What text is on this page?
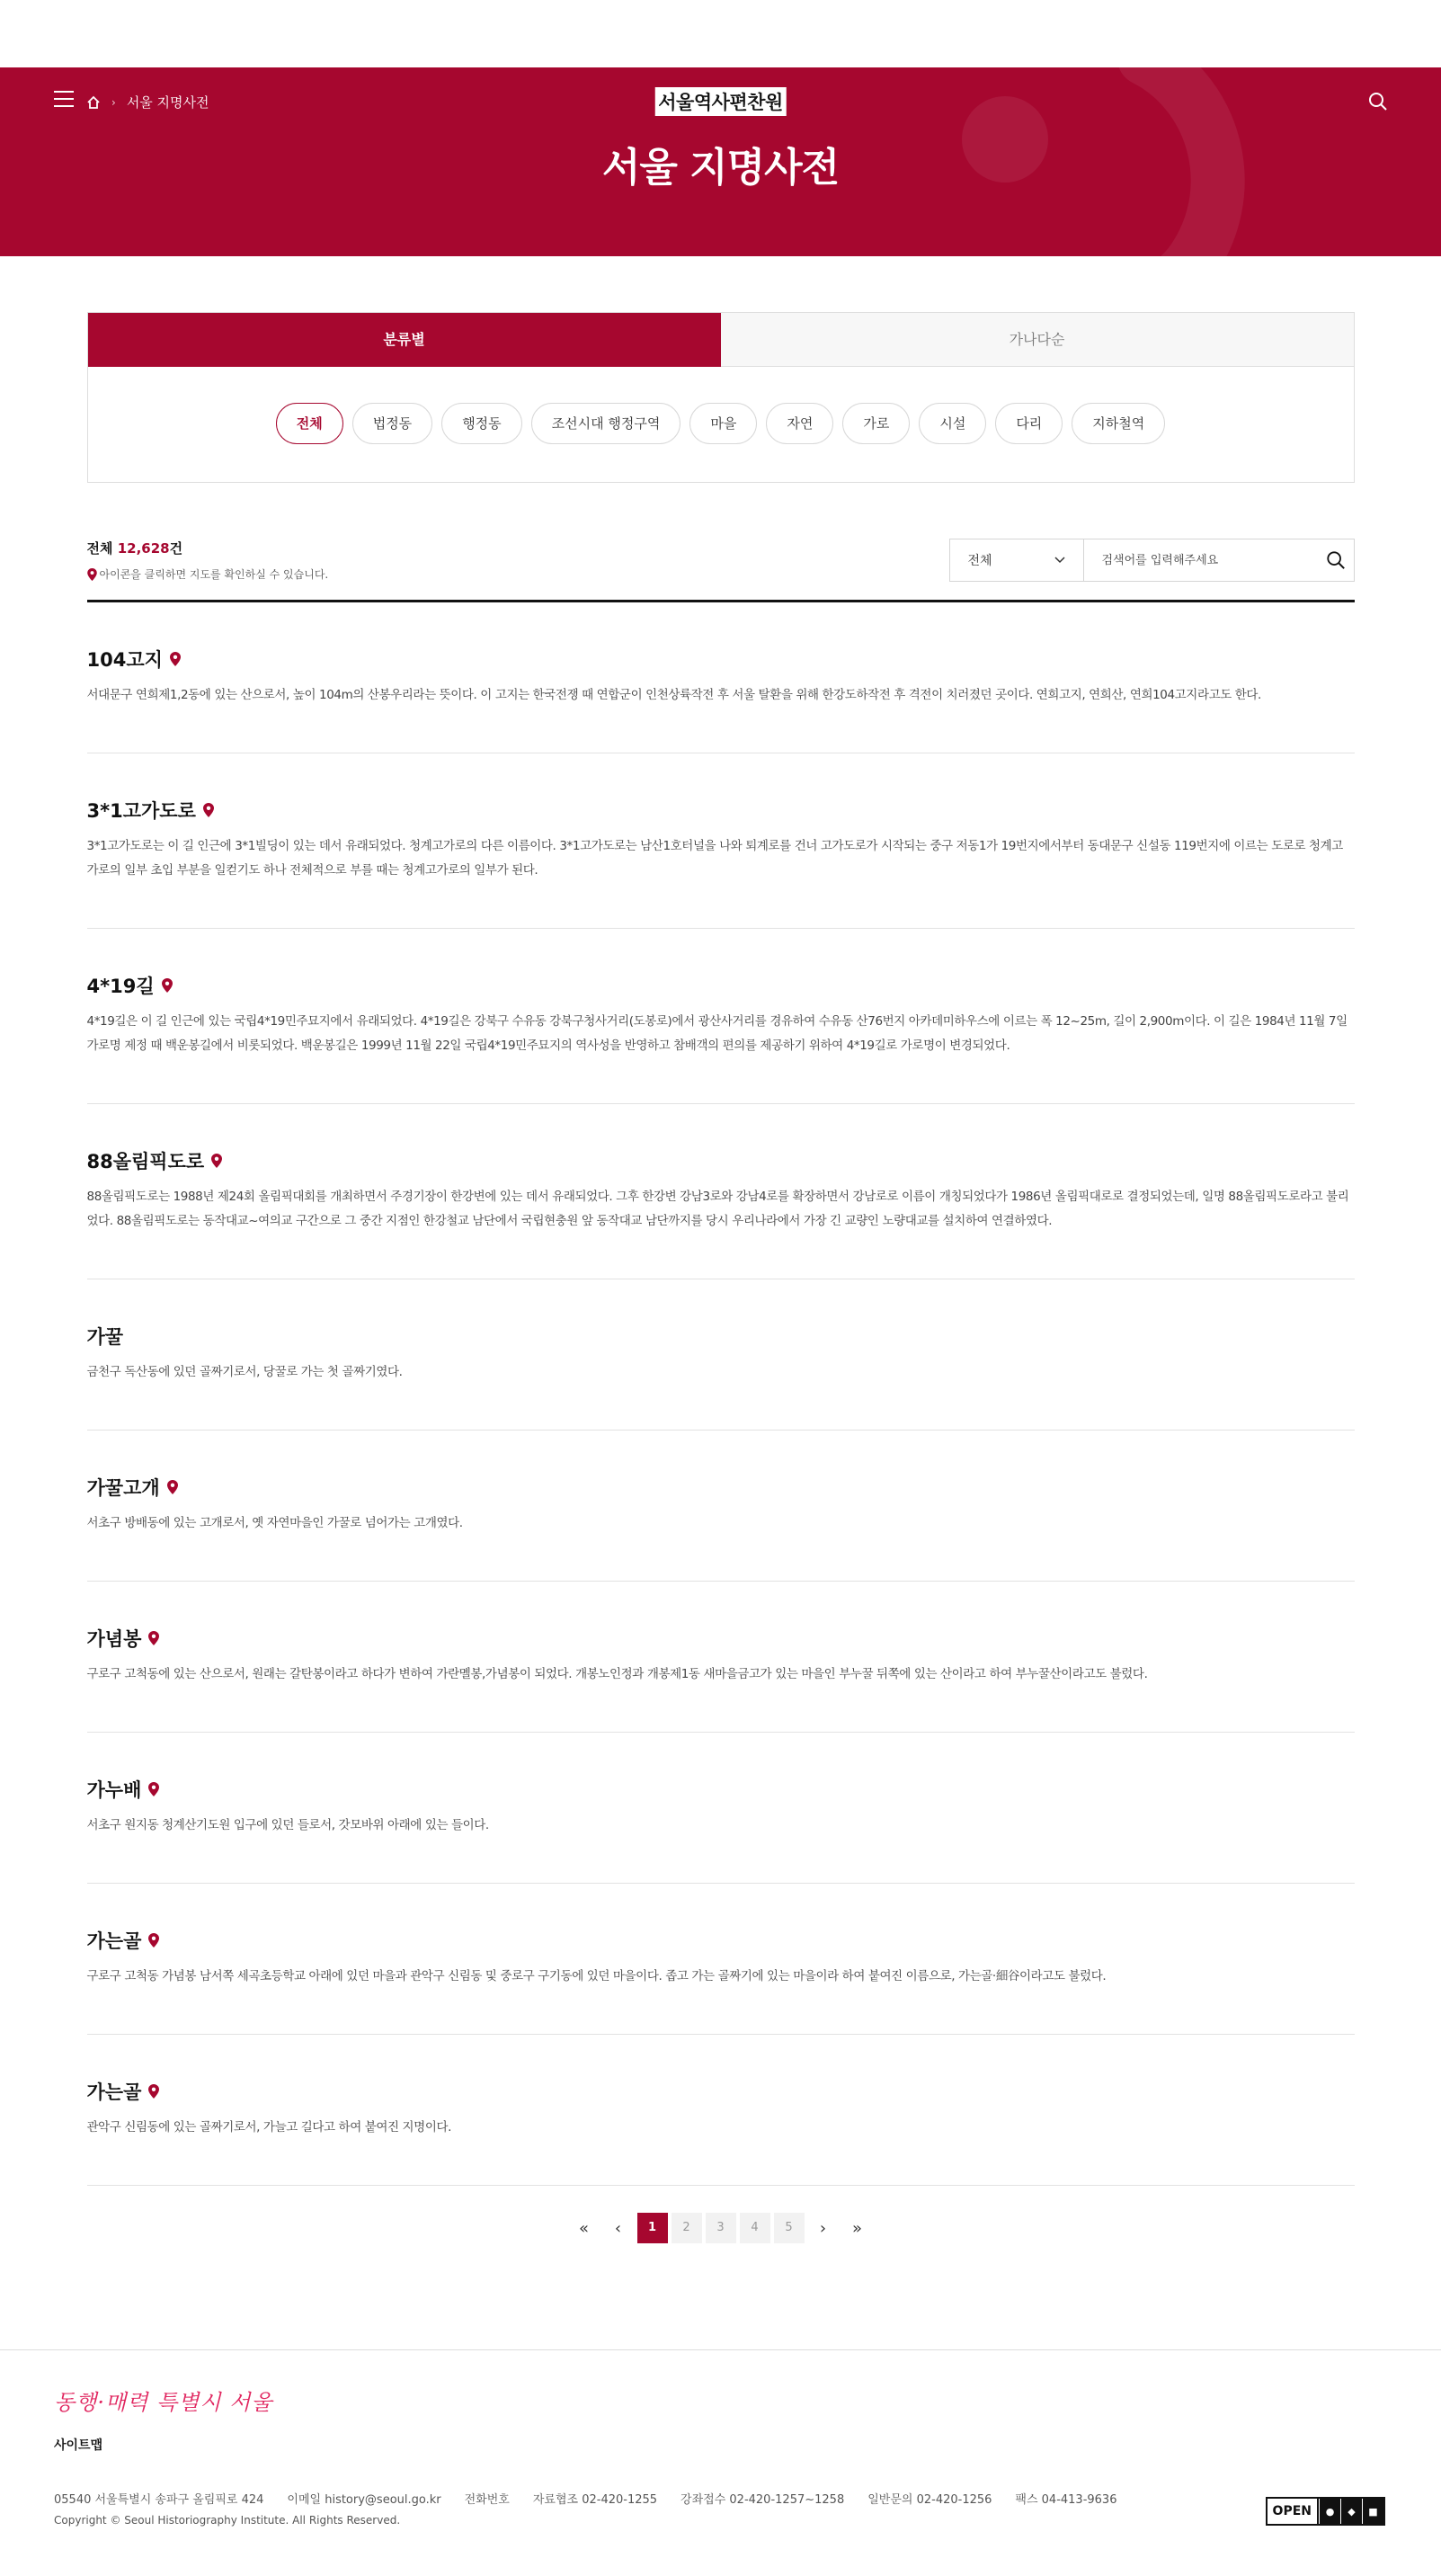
› 서울 지명사전	서울역사편찬원
서울 지명사전
분류별	가나다순
전체	법정동	행정동	조선시대 행정구역	마을	자연	가로	시설	다리	지하철역
전체 12,628건
아이콘을 클릭하면 지도를 확인하실 수 있습니다.
전체
검색어를 입력해주세요
104고지

서대문구 연희제1,2동에 있는 산으로서, 높이 104m의 산봉우리라는 뜻이다. 이 고지는 한국전쟁 때 연합군이 인천상륙작전 후 서울 탈환을 위해 한강도하작전 후 격전이 치러졌던 곳이다. 연희고지, 연희산, 연희104고지라고도 한다.

3*1고가도로

3*1고가도로는 이 길 인근에 3*1빌딩이 있는 데서 유래되었다. 청계고가로의 다른 이름이다. 3*1고가도로는 남산1호터널을 나와 퇴계로를 건너 고가도로가 시작되는 중구 저동1가 19번지에서부터 동대문구 신설동 119번지에 이르는 도로로 청계고가로의 일부 초입 부분을 일컫기도 하나 전체적으로 부를 때는 청계고가로의 일부가 된다.

4*19길

4*19길은 이 길 인근에 있는 국립4*19민주묘지에서 유래되었다. 4*19길은 강북구 수유동 강북구청사거리(도봉로)에서 광산사거리를 경유하여 수유동 산76번지 아카데미하우스에 이르는 폭 12~25m, 길이 2,900m이다. 이 길은 1984년 11월 7일 가로명 제정 때 백운봉길에서 비롯되었다. 백운봉길은 1999년 11월 22일 국립4*19민주묘지의 역사성을 반영하고 참배객의 편의를 제공하기 위하여 4*19길로 가로명이 변경되었다.

88올림픽도로

88올림픽도로는 1988년 제24회 올림픽대회를 개최하면서 주경기장이 한강변에 있는 데서 유래되었다. 그후 한강변 강남3로와 강남4로를 확장하면서 강남로로 이름이 개칭되었다가 1986년 올림픽대로로 결정되었는데, 일명 88올림픽도로라고 불리었다. 88올림픽도로는 동작대교~여의교 구간으로 그 중간 지점인 한강철교 남단에서 국립현충원 앞 동작대교 남단까지를 당시 우리나라에서 가장 긴 교량인 노량대교를 설치하여 연결하였다.

가꿀

금천구 독산동에 있던 골짜기로서, 당꿀로 가는 첫 골짜기였다.

가꿀고개

서초구 방배동에 있는 고개로서, 옛 자연마을인 가꿀로 넘어가는 고개였다.

가념봉

구로구 고척동에 있는 산으로서, 원래는 갈탄봉이라고 하다가 변하여 가란몔봉,가념봉이 되었다. 개봉노인정과 개봉제1동 새마을금고가 있는 마을인 부누꿀 뒤쪽에 있는 산이라고 하여 부누꿀산이라고도 불렀다.

가누배

서초구 원지동 청계산기도원 입구에 있던 들로서, 갓모바위 아래에 있는 들이다.

가는골

구로구 고척동 가념봉 남서쪽 세곡초등학교 아래에 있던 마을과 관악구 신림동 및 중로구 구기동에 있던 마을이다. 좁고 가는 골짜기에 있는 마을이라 하여 붙여진 이름으로, 가는골·細谷이라고도 불렀다.

가는골

관악구 신림동에 있는 골짜기로서, 가늘고 길다고 하여 붙여진 지명이다.

«	‹	1	2	3	4	5	›	»
동행·매력 특별시 서울
사이트맵
05540 서울특별시 송파구 올림픽로 424 이메일 history@seoul.go.kr 전화번호 자료협조 02-420-1255 강좌접수 02-420-1257~1258 일반문의 02-420-1256 팩스 04-413-9636
Copyright © Seoul Historiography Institute. All Rights Reserved.
OPEN	●	◆	■
